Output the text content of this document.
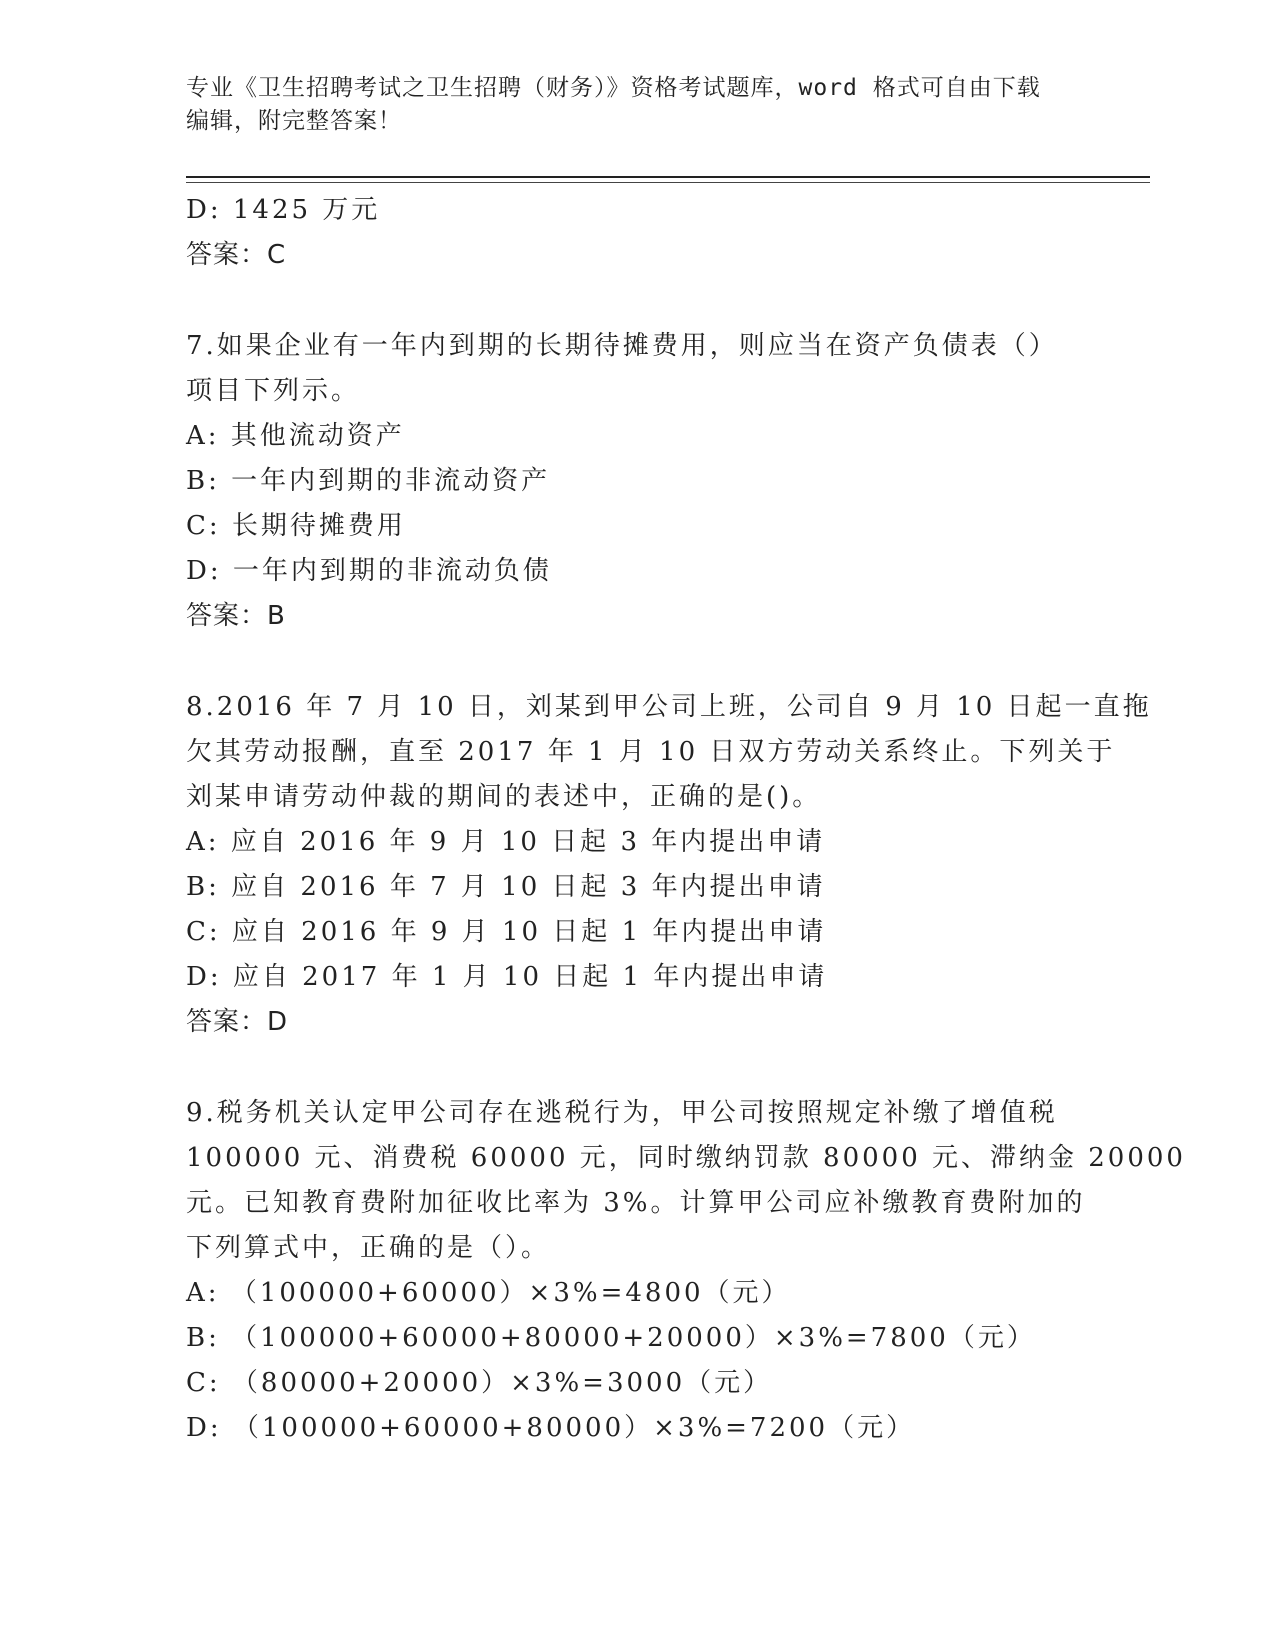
专业《卫生招聘考试之卫生招聘（财务）》资格考试题库，word 格式可自由下载
编辑，附完整答案！
D: 1425 万元
答案：C
7.如果企业有一年内到期的长期待摊费用，则应当在资产负债表（）
项目下列示。
A: 其他流动资产
B: 一年内到期的非流动资产
C: 长期待摊费用
D: 一年内到期的非流动负债
答案：B
8.2016 年 7 月 10 日，刘某到甲公司上班，公司自 9 月 10 日起一直拖
欠其劳动报酬，直至 2017 年 1 月 10 日双方劳动关系终止。下列关于
刘某申请劳动仲裁的期间的表述中，正确的是()。
A: 应自 2016 年 9 月 10 日起 3 年内提出申请
B: 应自 2016 年 7 月 10 日起 3 年内提出申请
C: 应自 2016 年 9 月 10 日起 1 年内提出申请
D: 应自 2017 年 1 月 10 日起 1 年内提出申请
答案：D
9.税务机关认定甲公司存在逃税行为，甲公司按照规定补缴了增值税
100000 元、消费税 60000 元，同时缴纳罚款 80000 元、滞纳金 20000
元。已知教育费附加征收比率为 3%。计算甲公司应补缴教育费附加的
下列算式中，正确的是（）。
A: （100000+60000）×3%=4800（元）
B: （100000+60000+80000+20000）×3%=7800（元）
C: （80000+20000）×3%=3000（元）
D: （100000+60000+80000）×3%=7200（元）
